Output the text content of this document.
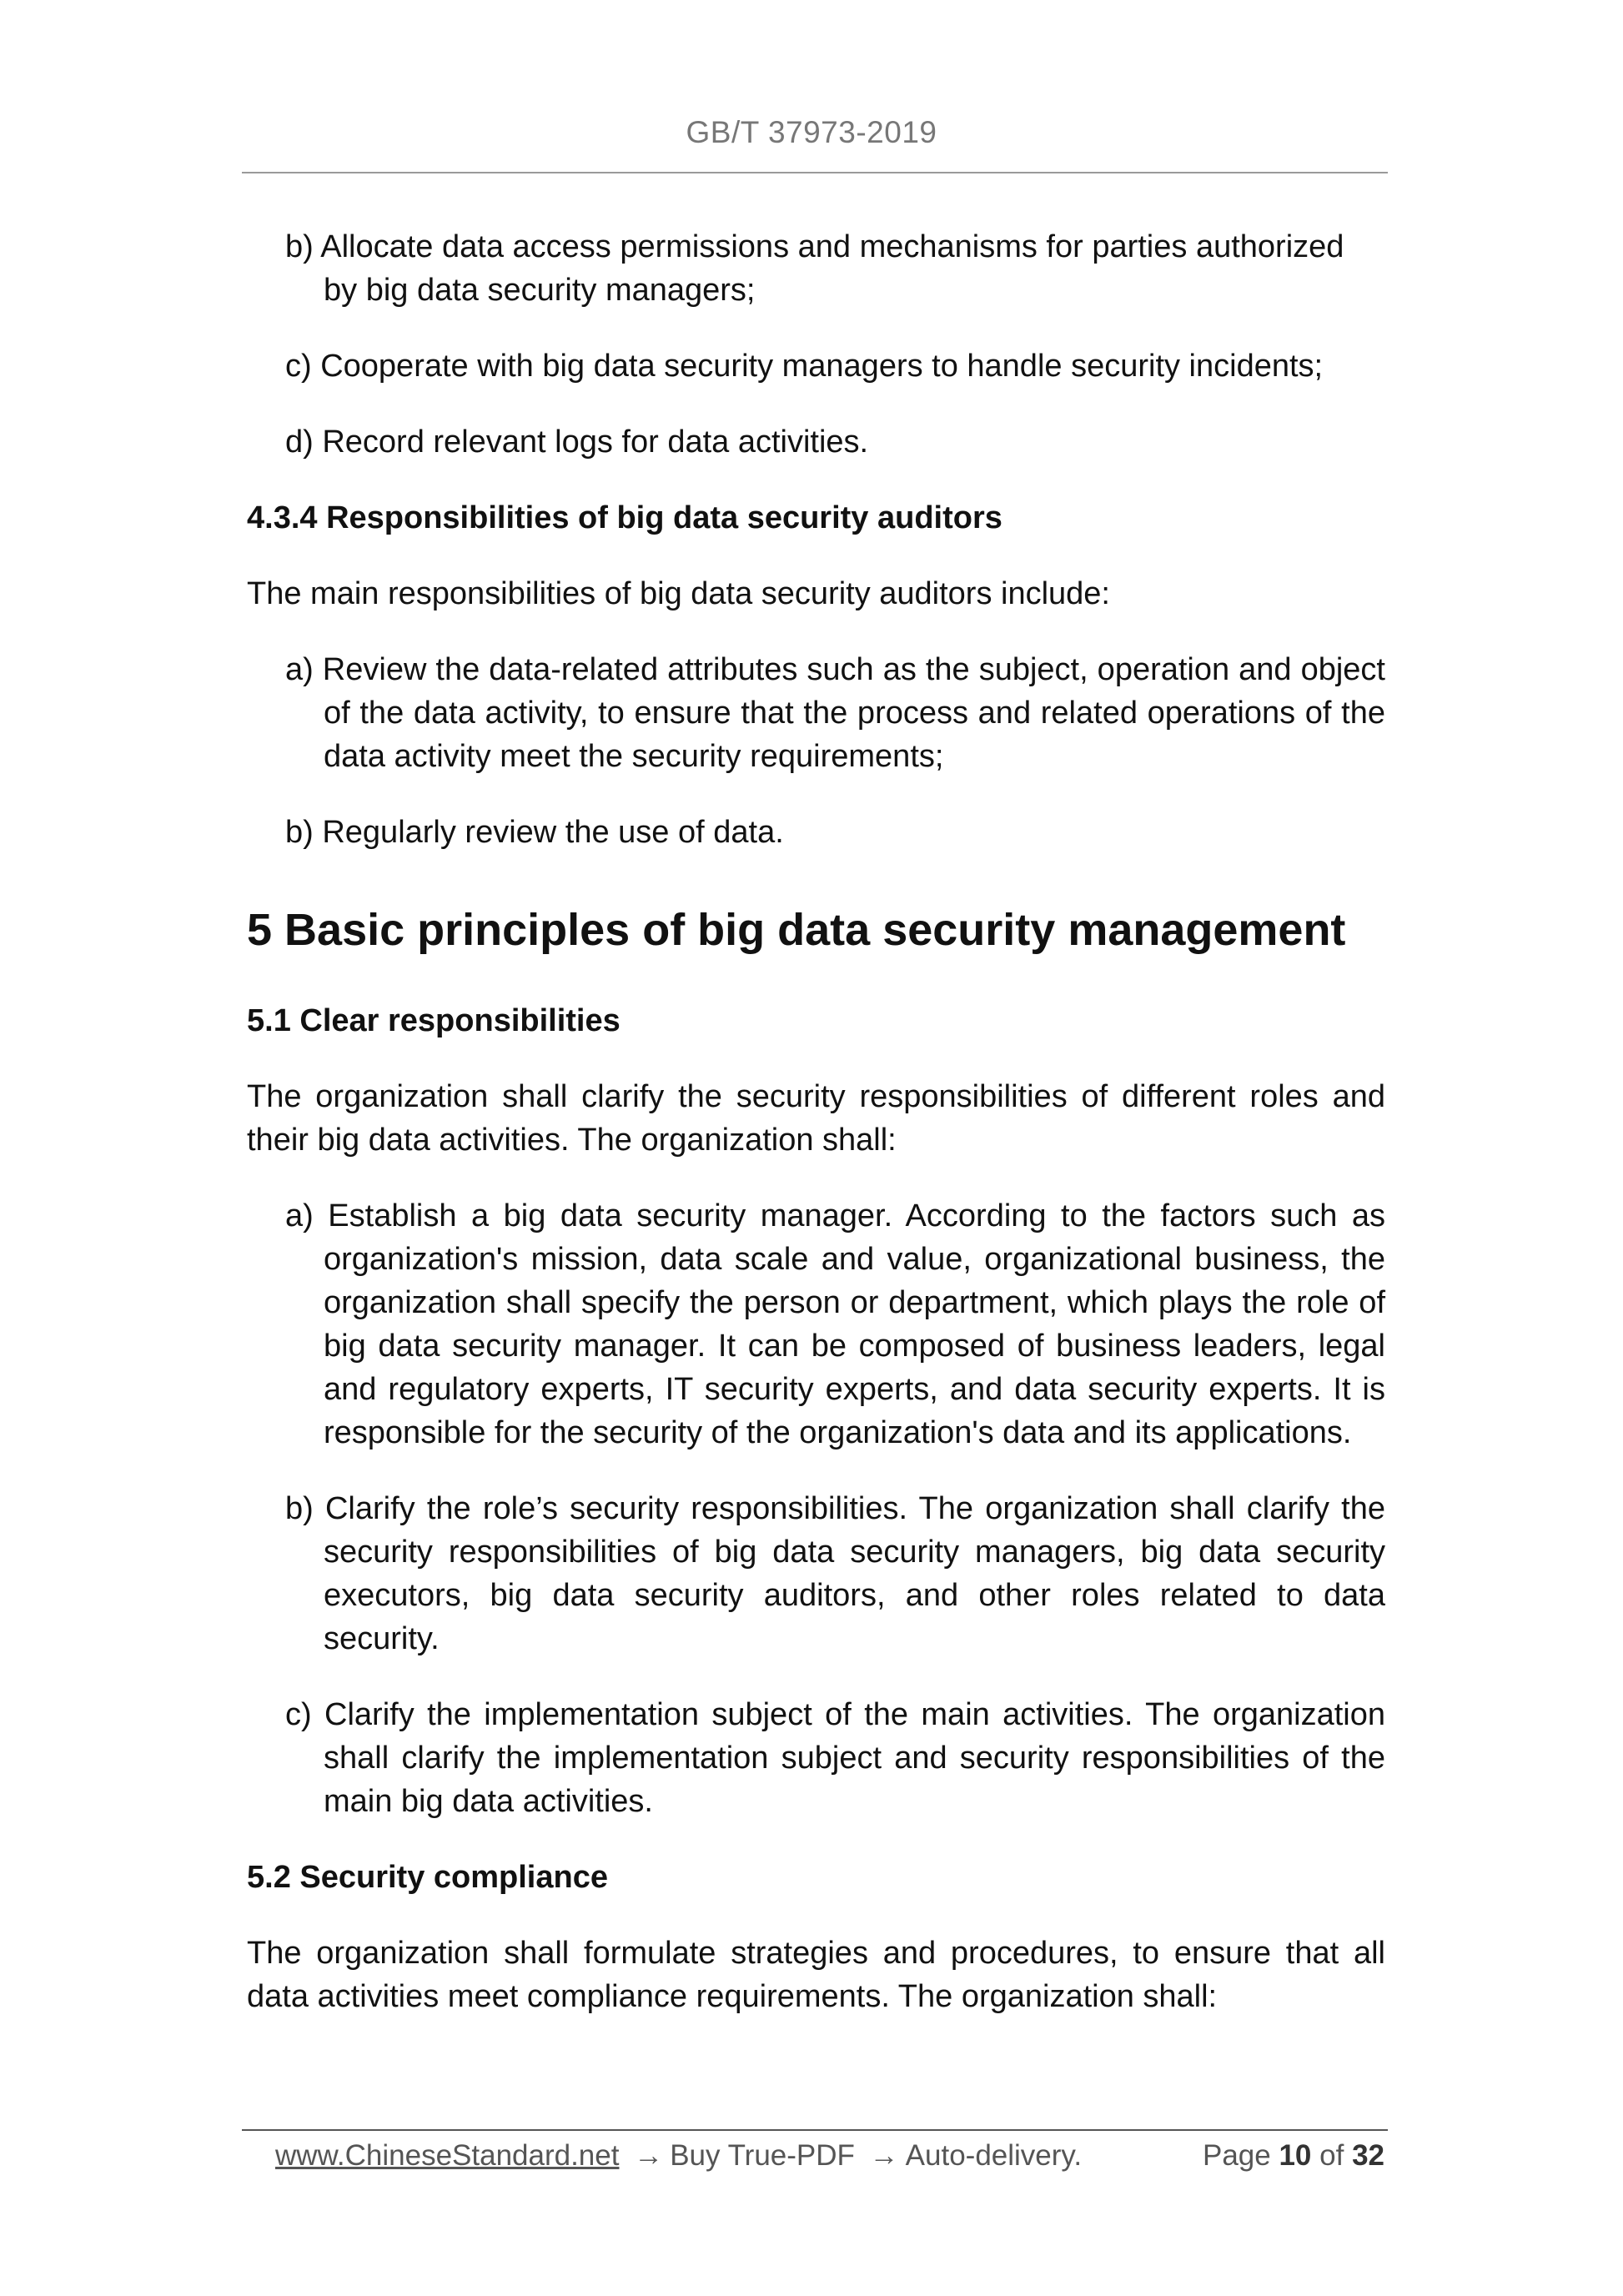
GB/T 37973-2019
b) Allocate data access permissions and mechanisms for parties authorized by big data security managers;
c) Cooperate with big data security managers to handle security incidents;
d) Record relevant logs for data activities.
4.3.4 Responsibilities of big data security auditors
The main responsibilities of big data security auditors include:
a) Review the data-related attributes such as the subject, operation and object of the data activity, to ensure that the process and related operations of the data activity meet the security requirements;
b) Regularly review the use of data.
5 Basic principles of big data security management
5.1 Clear responsibilities
The organization shall clarify the security responsibilities of different roles and their big data activities. The organization shall:
a) Establish a big data security manager. According to the factors such as organization's mission, data scale and value, organizational business, the organization shall specify the person or department, which plays the role of big data security manager. It can be composed of business leaders, legal and regulatory experts, IT security experts, and data security experts. It is responsible for the security of the organization's data and its applications.
b) Clarify the role’s security responsibilities. The organization shall clarify the security responsibilities of big data security managers, big data security executors, big data security auditors, and other roles related to data security.
c) Clarify the implementation subject of the main activities. The organization shall clarify the implementation subject and security responsibilities of the main big data activities.
5.2 Security compliance
The organization shall formulate strategies and procedures, to ensure that all data activities meet compliance requirements. The organization shall:
www.ChineseStandard.net → Buy True-PDF → Auto-delivery.	Page 10 of 32
